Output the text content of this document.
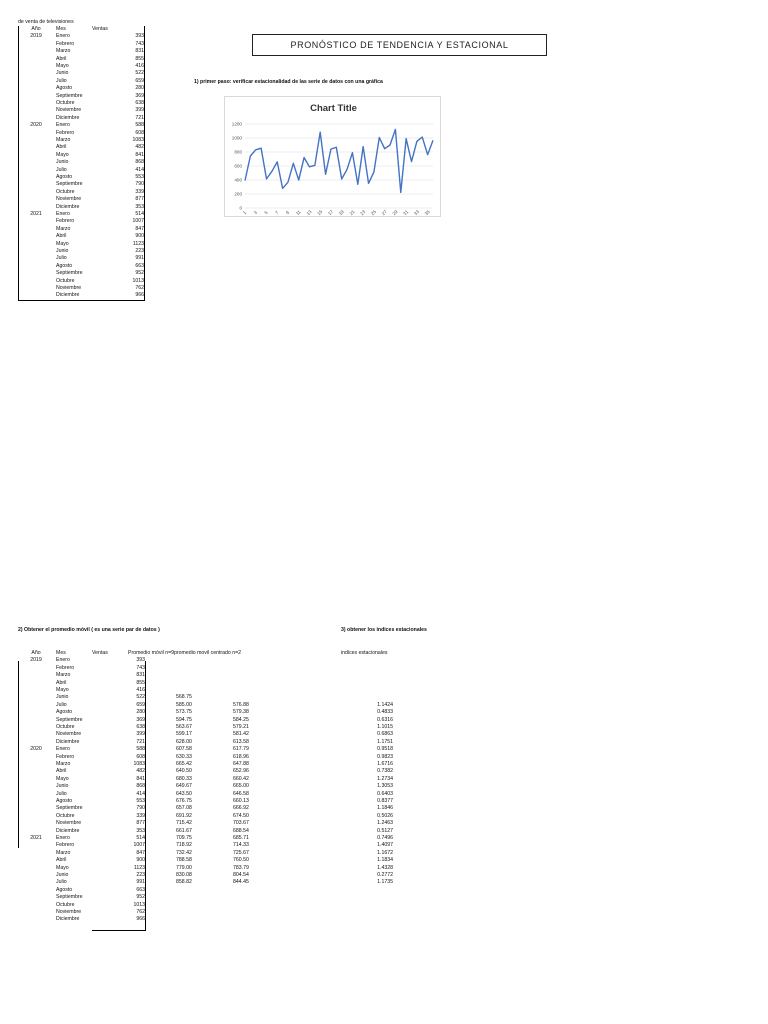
de venta de televisiones
Año	Mes	Ventas
2019	Enero	393
Febrero	743
Marzo	831
Abril	855
Mayo	416
Junio	522
Julio	659
Agosto	280
Septiembre	369
Octubre	638
Noviembre	399
Diciembre	721
2020	Enero	588
Febrero	608
Marzo	1083
Abril	482
Mayo	841
Junio	868
Julio	414
Agosto	553
Septiembre	790
Octubre	339
Noviembre	877
Diciembre	353
2021	Enero	514
Febrero	1007
Marzo	847
Abril	900
Mayo	1123
Junio	223
Julio	991
Agosto	663
Septiembre	952
Octubre	1013
Noviembre	762
Diciembre	966
PRONÓSTICO DE TENDENCIA Y ESTACIONAL
1) primer paso: verificar estacionalidad de las serie de datos con una gráfica
Chart Title
0
200
400
600
800
1000
1200
1 3 5 7 9 11 13 15 17 19 21 23 25 27 29 31 33 35
2) Obtener el promedio móvil ( es una serie par de datos )	3) obtener los indices estacionales
Año	Mes	Ventas	Promedio móvil n=9 promedio movil centrado n=2	indices estacionales
2019	Enero	393
Febrero	743
Marzo	831
Abril	855
Mayo	416
Junio	522	568.75
Julio	659	585.00	576.88	1.1424
Agosto	280	573.75	579.38	0.4833
Septiembre	369	594.75	584.25	0.6316
Octubre	638	563.67	579.21	1.1015
Noviembre	399	599.17	581.42	0.6863
Diciembre	721	628.00	613.58	1.1751
2020	Enero	588	607.58	617.79	0.9518
Febrero	608	630.33	618.96	0.9823
Marzo	1083	665.42	647.88	1.6716
Abril	482	640.50	652.96	0.7382
Mayo	841	680.33	660.42	1.2734
Junio	868	649.67	665.00	1.3053
Julio	414	643.50	646.58	0.6403
Agosto	553	676.75	660.13	0.8377
Septiembre	790	657.08	666.92	1.1846
Octubre	339	691.92	674.50	0.5026
Noviembre	877	715.42	703.67	1.2463
Diciembre	353	661.67	688.54	0.5127
2021	Enero	514	709.75	685.71	0.7496
Febrero	1007	718.92	714.33	1.4097
Marzo	847	732.42	725.67	1.1672
Abril	900	788.58	760.50	1.1834
Mayo	1123	779.00	783.79	1.4328
Junio	223	830.08	804.54	0.2772
Julio	991	858.82	844.45	1.1735
Agosto	663
Septiembre	952
Octubre	1013
Noviembre	762
Diciembre	966
